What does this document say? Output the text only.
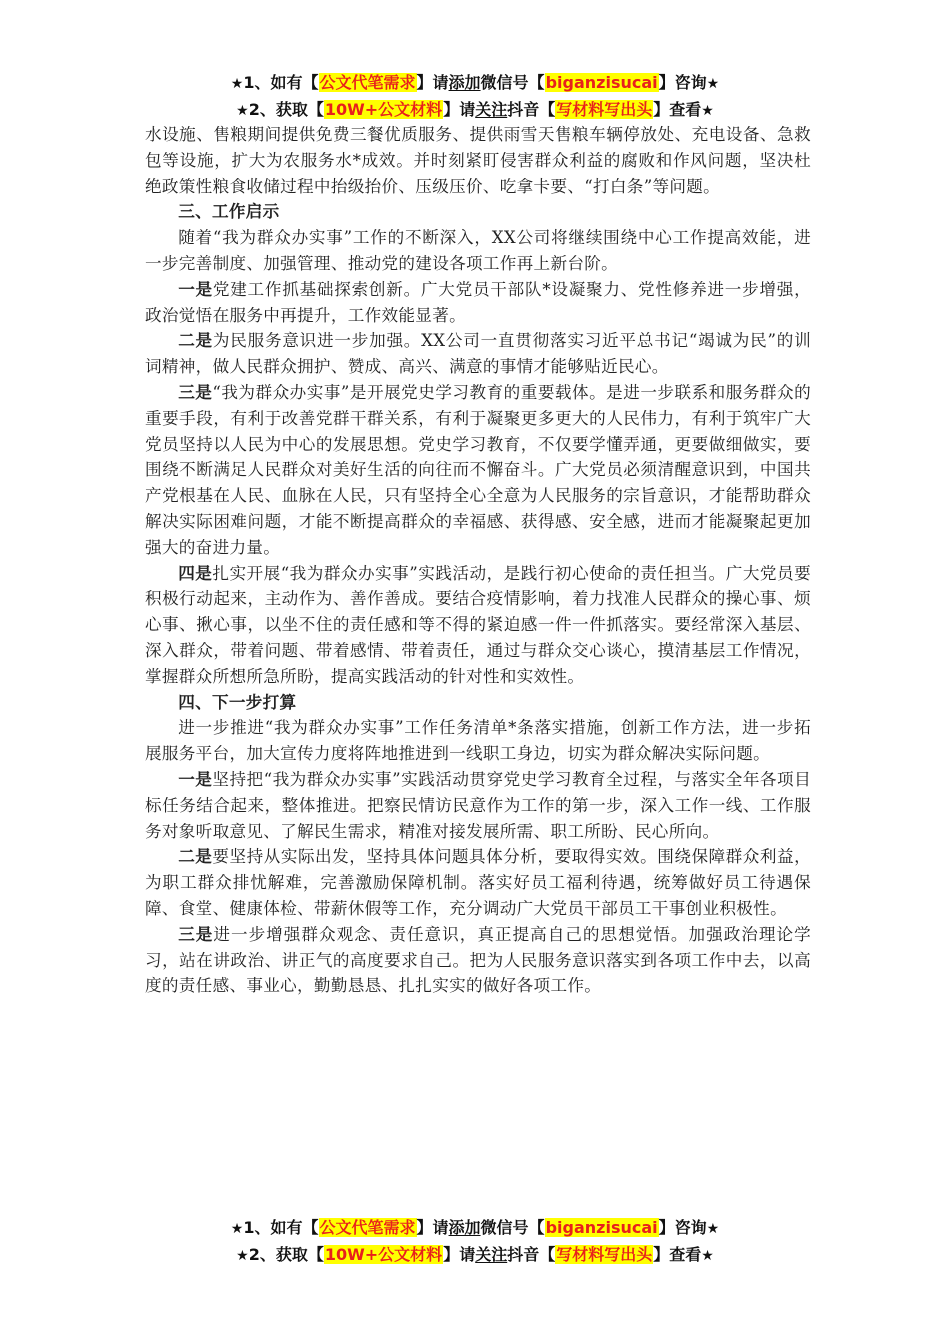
★1、如有【公文代笔需求】请添加微信号【biganzisucai】咨询★
★2、获取【10W+公文材料】请关注抖音【写材料写出头】查看★

水设施、售粮期间提供免费三餐优质服务、提供雨雪天售粮车辆停放处、充电设备、急救包等设施，扩大为农服务水*成效。并时刻紧盯侵害群众利益的腐败和作风问题，坚决杜绝政策性粮食收储过程中抬级抬价、压级压价、吃拿卡要、“打白条”等问题。

三、工作启示

随着“我为群众办实事”工作的不断深入，XX公司将继续围绕中心工作提高效能，进一步完善制度、加强管理、推动党的建设各项工作再上新台阶。

一是党建工作抓基础探索创新。广大党员干部队*设凝聚力、党性修养进一步增强，政治觉悟在服务中再提升，工作效能显著。

二是为民服务意识进一步加强。XX公司一直贯彻落实习近平总书记“竭诚为民”的训词精神，做人民群众拥护、赞成、高兴、满意的事情才能够贴近民心。

三是“我为群众办实事”是开展党史学习教育的重要载体。是进一步联系和服务群众的重要手段，有利于改善党群干群关系，有利于凝聚更多更大的人民伟力，有利于筑牢广大党员坚持以人民为中心的发展思想。党史学习教育，不仅要学懂弄通，更要做细做实，要围绕不断满足人民群众对美好生活的向往而不懈奋斗。广大党员必须清醒意识到，中国共产党根基在人民、血脉在人民，只有坚持全心全意为人民服务的宗旨意识，才能帮助群众解决实际困难问题，才能不断提高群众的幸福感、获得感、安全感，进而才能凝聚起更加强大的奋进力量。

四是扎实开展“我为群众办实事”实践活动，是践行初心使命的责任担当。广大党员要积极行动起来，主动作为、善作善成。要结合疫情影响，着力找准人民群众的操心事、烦心事、揪心事，以坐不住的责任感和等不得的紧迫感一件一件抓落实。要经常深入基层、深入群众，带着问题、带着感情、带着责任，通过与群众交心谈心，摸清基层工作情况，掌握群众所想所急所盼，提高实践活动的针对性和实效性。

四、下一步打算

进一步推进“我为群众办实事”工作任务清单*条落实措施，创新工作方法，进一步拓展服务平台，加大宣传力度将阵地推进到一线职工身边，切实为群众解决实际问题。

一是坚持把“我为群众办实事”实践活动贯穿党史学习教育全过程，与落实全年各项目标任务结合起来，整体推进。把察民情访民意作为工作的第一步，深入工作一线、工作服务对象听取意见、了解民生需求，精准对接发展所需、职工所盼、民心所向。

二是要坚持从实际出发，坚持具体问题具体分析，要取得实效。围绕保障群众利益，为职工群众排忧解难，完善激励保障机制。落实好员工福利待遇，统筹做好员工待遇保障、食堂、健康体检、带薪休假等工作，充分调动广大党员干部员工干事创业积极性。

三是进一步增强群众观念、责任意识，真正提高自己的思想觉悟。加强政治理论学习，站在讲政治、讲正气的高度要求自己。把为人民服务意识落实到各项工作中去，以高度的责任感、事业心，勤勤恳恳、扎扎实实的做好各项工作。

★1、如有【公文代笔需求】请添加微信号【biganzisucai】咨询★
★2、获取【10W+公文材料】请关注抖音【写材料写出头】查看★
